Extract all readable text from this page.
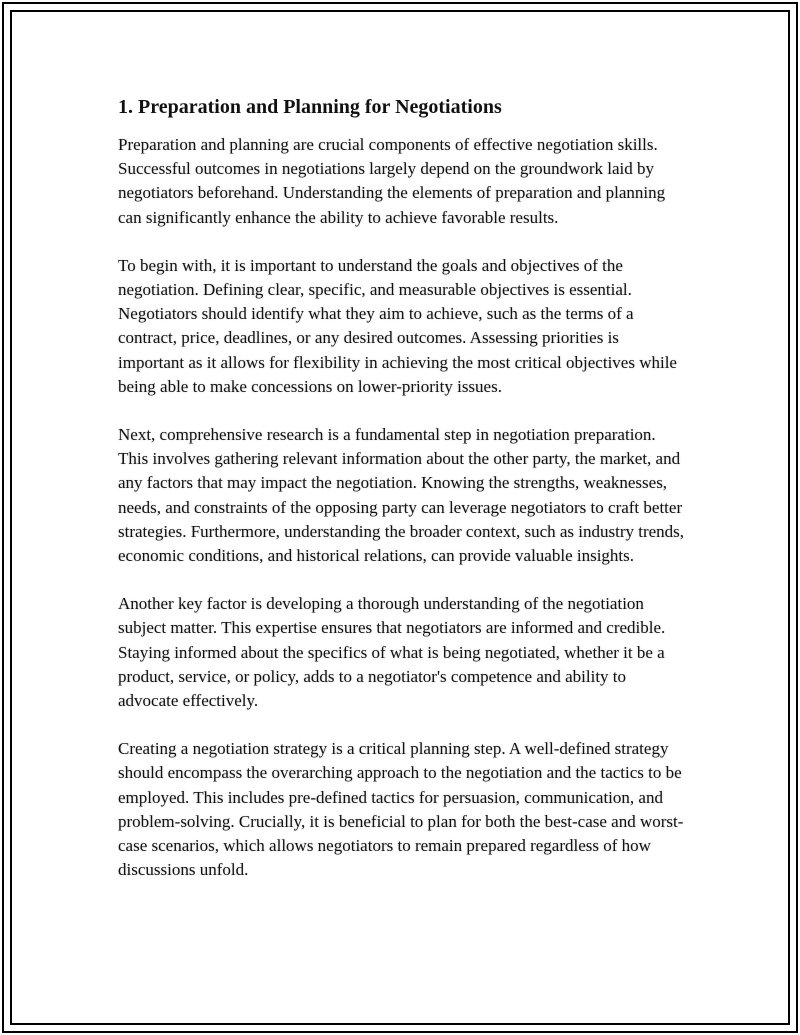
1. Preparation and Planning for Negotiations

Preparation and planning are crucial components of effective negotiation skills. Successful outcomes in negotiations largely depend on the groundwork laid by negotiators beforehand. Understanding the elements of preparation and planning can significantly enhance the ability to achieve favorable results.

To begin with, it is important to understand the goals and objectives of the negotiation. Defining clear, specific, and measurable objectives is essential. Negotiators should identify what they aim to achieve, such as the terms of a contract, price, deadlines, or any desired outcomes. Assessing priorities is important as it allows for flexibility in achieving the most critical objectives while being able to make concessions on lower-priority issues.

Next, comprehensive research is a fundamental step in negotiation preparation. This involves gathering relevant information about the other party, the market, and any factors that may impact the negotiation. Knowing the strengths, weaknesses, needs, and constraints of the opposing party can leverage negotiators to craft better strategies. Furthermore, understanding the broader context, such as industry trends, economic conditions, and historical relations, can provide valuable insights.

Another key factor is developing a thorough understanding of the negotiation subject matter. This expertise ensures that negotiators are informed and credible. Staying informed about the specifics of what is being negotiated, whether it be a product, service, or policy, adds to a negotiator's competence and ability to advocate effectively.

Creating a negotiation strategy is a critical planning step. A well-defined strategy should encompass the overarching approach to the negotiation and the tactics to be employed. This includes pre-defined tactics for persuasion, communication, and problem-solving. Crucially, it is beneficial to plan for both the best-case and worst-case scenarios, which allows negotiators to remain prepared regardless of how discussions unfold.
